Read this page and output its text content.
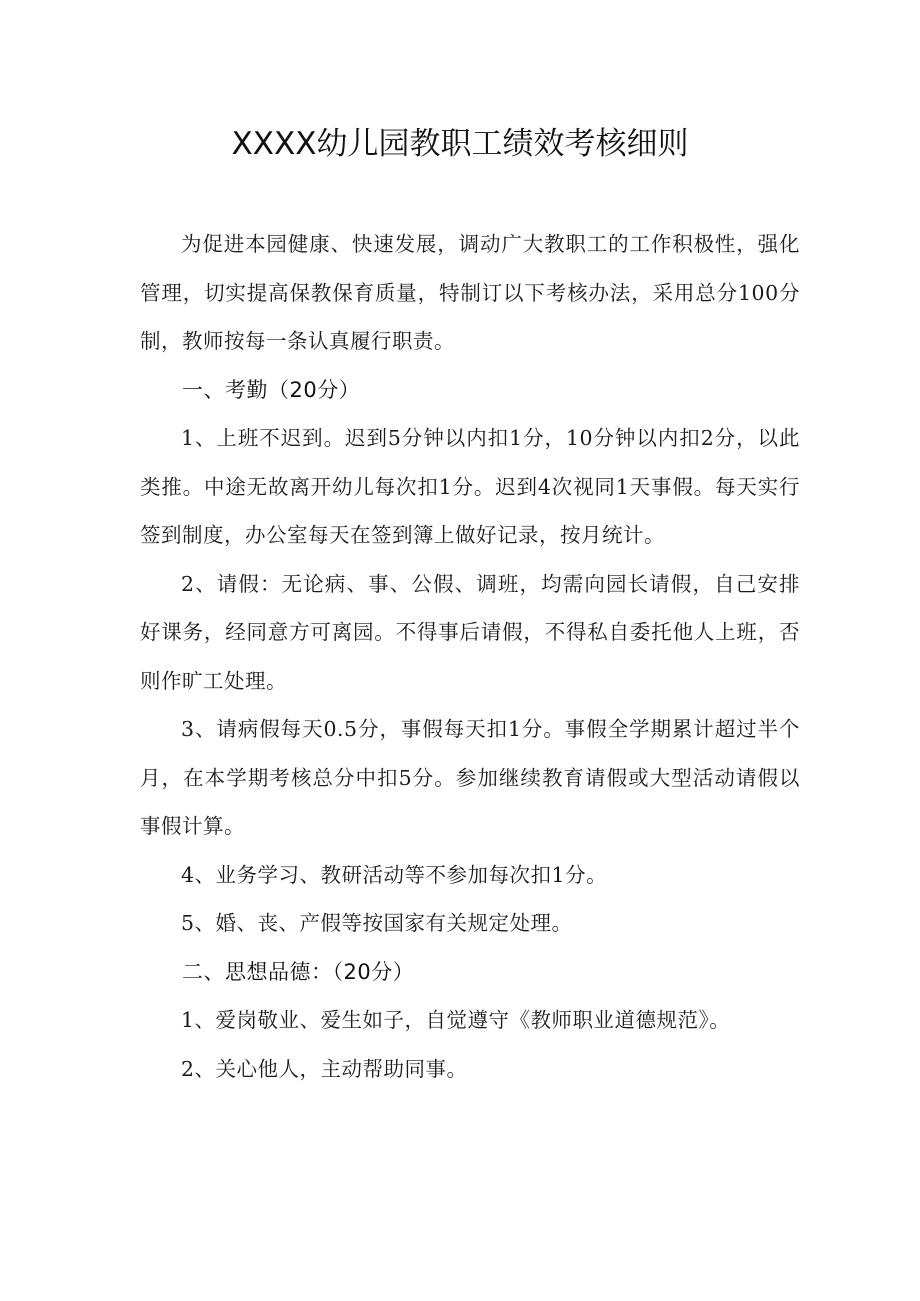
XXXX幼儿园教职工绩效考核细则

为促进本园健康、快速发展，调动广大教职工的工作积极性，强化管理，切实提高保教保育质量，特制订以下考核办法，采用总分100分制，教师按每一条认真履行职责。

一、考勤（20分）

1、上班不迟到。迟到5分钟以内扣1分，10分钟以内扣2分，以此类推。中途无故离开幼儿每次扣1分。迟到4次视同1天事假。每天实行签到制度，办公室每天在签到簿上做好记录，按月统计。

2、请假：无论病、事、公假、调班，均需向园长请假，自己安排好课务，经同意方可离园。不得事后请假，不得私自委托他人上班，否则作旷工处理。

3、请病假每天0.5分，事假每天扣1分。事假全学期累计超过半个月，在本学期考核总分中扣5分。参加继续教育请假或大型活动请假以事假计算。

4、业务学习、教研活动等不参加每次扣1分。

5、婚、丧、产假等按国家有关规定处理。

二、思想品德：（20分）

1、爱岗敬业、爱生如子，自觉遵守《教师职业道德规范》。

2、关心他人，主动帮助同事。
